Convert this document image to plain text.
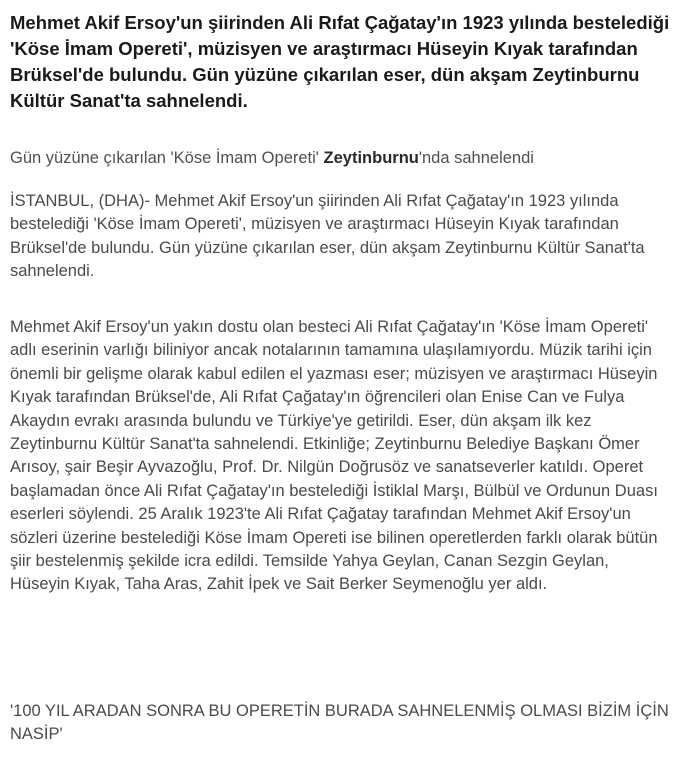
Mehmet Akif Ersoy'un şiirinden Ali Rıfat Çağatay'ın 1923 yılında bestelediği 'Köse İmam Opereti', müzisyen ve araştırmacı Hüseyin Kıyak tarafından Brüksel'de bulundu. Gün yüzüne çıkarılan eser, dün akşam Zeytinburnu Kültür Sanat'ta sahnelendi.

Gün yüzüne çıkarılan 'Köse İmam Opereti' Zeytinburnu'nda sahnelendi

İSTANBUL, (DHA)- Mehmet Akif Ersoy'un şiirinden Ali Rıfat Çağatay'ın 1923 yılında bestelediği 'Köse İmam Opereti', müzisyen ve araştırmacı Hüseyin Kıyak tarafından Brüksel'de bulundu. Gün yüzüne çıkarılan eser, dün akşam Zeytinburnu Kültür Sanat'ta sahnelendi.

Mehmet Akif Ersoy'un yakın dostu olan besteci Ali Rıfat Çağatay'ın 'Köse İmam Opereti' adlı eserinin varlığı biliniyor ancak notalarının tamamına ulaşılamıyordu. Müzik tarihi için önemli bir gelişme olarak kabul edilen el yazması eser; müzisyen ve araştırmacı Hüseyin Kıyak tarafından Brüksel'de, Ali Rıfat Çağatay'ın öğrencileri olan Enise Can ve Fulya Akaydın evrakı arasında bulundu ve Türkiye'ye getirildi. Eser, dün akşam ilk kez Zeytinburnu Kültür Sanat'ta sahnelendi. Etkinliğe; Zeytinburnu Belediye Başkanı Ömer Arısoy, şair Beşir Ayvazoğlu, Prof. Dr. Nilgün Doğrusöz ve sanatseverler katıldı. Operet başlamadan önce Ali Rıfat Çağatay'ın bestelediği İstiklal Marşı, Bülbül ve Ordunun Duası eserleri söylendi. 25 Aralık 1923'te Ali Rıfat Çağatay tarafından Mehmet Akif Ersoy'un sözleri üzerine bestelediği Köse İmam Opereti ise bilinen operetlerden farklı olarak bütün şiir bestelenmiş şekilde icra edildi. Temsilde Yahya Geylan, Canan Sezgin Geylan, Hüseyin Kıyak, Taha Aras, Zahit İpek ve Sait Berker Seymenoğlu yer aldı.

'100 YIL ARADAN SONRA BU OPERETİN BURADA SAHNELENMİŞ OLMASI BİZİM İÇİN NASİP'
